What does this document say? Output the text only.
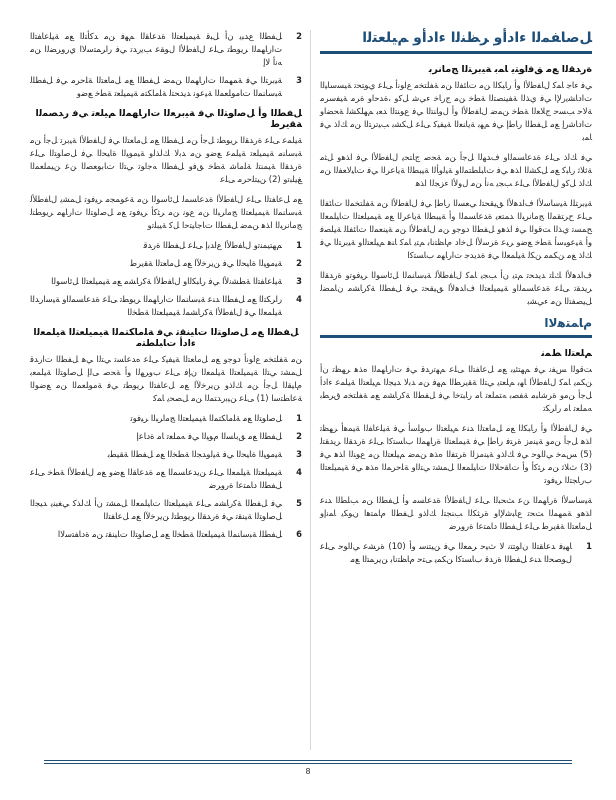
ﻞﺻﺎﻔﻤﻟﺍ ءﺍﺩﺃﻭ ﺮﻈﻨﻟﺍ ءﺍﺩﺃﻭ ﻢﻴﻠﻌﺘﻟﺍ
ﺓﺭﺪﻘﻟﺍ ﻊﻣ ﻖﻓﺍﻮﺘﻳ ﺎﻤﺑ ﺔﻴﺑﺮﺘﻟﺍ ﺞﻣﺎﻧﺮﺑ

ﻲﻓ ﺀﺎﺟ ﺎﻤﻛ ﻝﺎﻔﻃﻷﺍ ﻭﺃ ﺭﺎﺒﻜﻟﺍ ﻦﻣ ﺕﺎﺌﻔﻟﺍ ﻦﻣ ﺔﻔﻠﺘﺨﻣ ﻉﺍﻮﻧﺃ ﻰﻠﻋ ﻱﻮﺘﺤﺗ ﺔﻴﺴﺳﺎﻴﻟﺍ ﺕﺍﺩﺎﺸﻳﺭﻹﺍ ﻲﻓ ﻱﺬﻟﺍ ﺔﻔﻴﻨﺼﺘﻟﺍ ﺔﻄﺧ ﻦﻣ ﺝﺭﺎﺧ ﺀﻲﺷ ﻞﻛﻭ ،ﺓﺪﺣﺍﻭ ﺓﺮﻣ ﺔﻴﻔﺳﺮﻣ ﺔﻟﺎﺣ ﺐﺴﺣ ﺝﻼﻌﻟﺍ ﺔﻄﺧ ﻦﻤﺿ ﻝﺎﻔﻃﻷﺍ ﻭﺃ ﻝﻭﺎﻨﺘﻟﺍ ﻲﻓ ﻉﻮﻨﺘﻟﺍ ﺪﻌﺑ ﻢﻬﻠﻜﺸﻟ ﺔﺤﻀﺍﻭ ﺕﺍﺩﺎﺷﺭﺇ ﻊﻣ ﻞﻔﻄﻟﺍ ﺭﺎﻃﺇ ﻲﻓ ﻢﻬﺑ ﺔﻳﺎﻨﻌﻟﺍ ﺔﻴﻔﻴﻛ ﻰﻠﻋ ﻞﻜﺸﺑ ﺐﻴﺗﺮﺘﻟﺍ ﻦﻣ ﻚﻟﺫ ﻲﻓ ﺎﻤﺑ

ﻲﻓ ﻚﻟﺫ ﻰﻠﻋ ﺓﺪﻋﺎﺴﻤﻟﺍﻭ ﻑﺪﻬﻟﺍ ﻞﺟﺃ ﻦﻣ ﺔﺤﺻ ﺝﺎﺘﺤﻳ ﻝﺎﻔﻃﻷﺍ ﻲﻓ ﺍﺬﻫﻭ ﻞﺜﻣ ﺔﺛﻼﺛ ﺭﺎﺒﻛ ﻊﻣ ﻞﻜﺸﻟﺍ ﺍﺬﻫ ﻲﻓ ﺕﺎﺒﻠﻄﺘﻤﻟﺍﻭ ﺔﻴﻟﻭﺄﻟﺍ ﺔﻴﺒﻄﻟﺍ ﺔﻳﺎﻋﺮﻟﺍ ﻲﻓ ﺕﺎﻴﻟﺎﻌﻔﻟﺍ ﻦﻣ ﻚﻟﺫ ﻞﻛﻭ ﻝﺎﻔﻃﻷﺍ ﻰﻠﻋ ﺐﺠﻳ ﻪﻧﺃ ﻦﻣ ﻝﻭﻷﺍ ﺀﺰﺠﻟﺍ ﺍﺬﻫ

ﺔﻴﺑﺮﺘﻠﻟ ﺔﻴﺳﺎﺳﻷﺍ ﻑﺍﺪﻫﻷﺍ ﻖﻴﻘﺤﺘﻟ ﻲﻌﺴﻟﺍ ﺭﺎﻃﺇ ﻲﻓ ﻝﺎﻔﻃﻷﺍ ﻦﻣ ﺔﻔﻠﺘﺨﻤﻟﺍ ﺕﺎﺌﻔﻟﺍ ﻰﻠﻋ ﺡﺮﺘﻘﻤﻟﺍ ﺞﻣﺎﻧﺮﺒﻟﺍ ﺪﻤﺘﻌﻳ ﺓﺪﻋﺎﺴﻤﻟﺍ ﻭﺃ ﺔﻴﺒﻄﻟﺍ ﺔﻳﺎﻋﺮﻟﺍ ﻊﻣ ﺔﻴﻤﻴﻠﻌﺘﻟﺍ ﺕﺎﻴﻠﻤﻌﻟﺍ ﺢﻤﺴﺗ ﻱﺬﻟﺍ ﺖﻗﻮﻟﺍ ﻲﻓ ﺍﺬﻫﻭ ﻞﻔﻄﻟﺍ ﺩﻮﺟﻭ ﻦﻣ ﻝﺎﻔﻃﻷﺍ ﻦﻣ ﺔﻴﻨﻌﻤﻟﺍ ﺕﺎﺌﻔﻠﻟ ﺔﻴﻠﺼﻓ ﻭﺃ ﺔﻴﻋﻮﺒﺳﺃ ﺔﻄﺧ ﻊﺿﻭ ﺮﺒﻋ ﺓﺮﺳﻷﺍ ﻞﺧﺍﺩ ﻡﺎﻈﺘﻧﺎﺑ ﻢﺘﻳ ﺎﻤﻛ ﺎﻨﻫ ﻢﻴﻠﻌﺘﻟﺍﻭ ﺔﻴﺑﺮﺘﻟﺍ ﻲﻓ ﻚﻟﺫ ﻊﻣ ﻦﻜﻤﻣ ﻦﻜﻟ ﺔﻴﻠﻤﻌﻟﺍ ﻲﻓ ﺓﺪﻳﺪﺟ ﺕﺍﺭﺎﻬﻣ ﺏﺎﺴﺘﻛﺍ

ﻑﺍﺪﻫﻷﺍ ﻚﻠﺗ ﺪﻳﺪﺤﺗ ﻢﺘﻳ ﻥﺃ ﺐﺠﻳ ﺎﻤﻛ ﻝﺎﻔﻃﻸﻟ ﺔﺒﺳﺎﻨﻤﻟﺍ ﻞﺋﺎﺳﻮﻟﺍ ﺮﻴﻓﻮﺗﻭ ﺓﺭﺪﻘﻟﺍ ﺮﻳﺪﻘﺗ ﻰﻠﻋ ﺓﺪﻋﺎﺴﻤﻟﺍﻭ ﺔﻴﻤﻴﻠﻌﺘﻟﺍ ﻑﺍﺪﻫﻷﺍ ﻖﻴﻘﺤﺗ ﻲﻓ ﻞﻔﻄﻟﺍ ﺔﻛﺭﺎﺸﻣ ﻥﺎﻤﻀﻟ ﻞﻴﺼﻔﺘﻟﺍ ﻦﻣ ﺀﻲﺸﺑ

ﻡﺎﻤﺘﻫﻻﺍ
ﻢﻠﻌﺘﻟﺍ ﻂﻤﻧ

ﺖﻗﻮﻟﺍ ﺲﻔﻧ ﻲﻓ ﻢﻬﺘﺌﻴﺑ ﻊﻣ ﻞﻋﺎﻔﺘﻟﺍ ﻰﻠﻋ ﻢﻬﺗﺭﺪﻗ ﻲﻓ ﺕﺍﺭﺎﻬﻤﻟﺍ ﻩﺬﻫ ﺮﻬﻈﺗ ﻥﺃ ﻦﻜﻤﻳ ﺎﻤﻛ ﻝﺎﻔﻃﻷﺍ ﺎﻬﺑ ﻢﻠﻌﺘﻳ ﻲﺘﻟﺍ ﺔﻘﻳﺮﻄﻟﺍ ﻢﻬﻓ ﻦﻣ ﺪﺑﻻ ﺪﻴﺠﻟﺍ ﻢﻴﻠﻌﺘﻟﺍ ﺔﻴﻠﻤﻋ ﺀﺍﺩﺃ ﻞﺟﺃ ﻦﻣﻭ ﺓﺮﺷﺎﺒﻣ ﺔﻔﺼﺑ ﻪﺘﻤﻠﻌﺗ ﺎﻣ ﺭﺎﺒﺘﺧﺍ ﻲﻓ ﻞﻔﻄﻟﺍ ﺔﻛﺭﺎﺸﻣ ﻊﻣ ﺔﻔﻠﺘﺨﻣ ﻕﺮﻄﺑ ﻪﻤﻠﻌﺗ ﺎﻣ ﺭﺍﺮﻜﺗ

ﻲﻓ ﻝﺎﻔﻃﻷﺍ ﻭﺃ ﺭﺎﺒﻜﻟﺍ ﻊﻣ ﻞﻣﺎﻌﺘﻟﺍ ﺪﻨﻋ ﻢﻴﻠﻌﺘﻟﺍ ﺏﻮﻠﺳﺃ ﻲﻓ ﺔﻴﻠﻋﺎﻔﻟﺍ ﺔﻴﻤﻫﺃ ﺮﻬﻈﺗ ﺍﺬﻫ ﻞﺟﺃ ﻦﻣﻭ ﺔﻴﻨﻣﺯ ﺓﺮﺘﻓ ﺭﺎﻃﺇ ﻲﻓ ﺔﻴﻤﻠﻌﺘﻟﺍ ﺓﺭﺎﻬﻤﻟﺍ ﺏﺎﺴﺘﻛﺍ ﻰﻠﻋ ﺓﺭﺪﻘﻟﺍ ﺮﻳﺪﻘﺘﻟ (5) ﺲﻤﺧ ﻲﻟﺍﻮﺣ ﻲﻓ ﻚﻟﺫﻭ ﺔﻴﻨﻣﺰﻟﺍ ﺓﺮﺘﻔﻟﺍ ﻩﺬﻫ ﻦﻤﺿ ﻢﻴﻠﻌﺘﻟﺍ ﻦﻣ ﻉﻮﻨﻟﺍ ﺍﺬﻫ ﻲﻓ (3) ﺙﻼﺛ ﻦﻣ ﺮﺜﻛﺃ ﻭﺃ ﺕﺎﻘﺣﻼﻟﺍ ﺕﺎﻴﻠﻤﻌﻟﺍ ﻞﻤﺸﺗ ﻲﺘﻟﺍﻭ ﺔﻠﺣﺮﻤﻟﺍ ﻩﺬﻫ ﻲﻓ ﺔﻴﻤﻴﻠﻌﺘﻟﺍ ﺏﺭﺎﺠﺘﻟﺍ ﺮﻴﻓﻮﺗ

ﺔﻴﺳﺎﺳﻷﺍ ﺓﺭﺎﻬﻤﻟﺍ ﻦﻋ ﺚﺤﺒﻟﺍ ﻰﻠﻋ ﻝﺎﻔﻃﻷﺍ ﺓﺪﻋﺎﺴﻣ ﻭﺃ ﻞﻔﻄﻟﺍ ﻦﻣ ﺐﻠﻄﻟﺍ ﺪﻨﻋ ﺍﺬﻫﻭ ﺔﻤﻬﻤﻟﺍ ﺖﺤﺗ ﻉﺎﺒﺷﻹﺍﻭ ﺓﺮﺜﻜﻟﺍ ﺐﻨﺠﺘﻟ ﻚﻟﺫﻭ ﻞﻔﻄﻟﺍ ﻡﺎﻤﺘﻫﺍ ﻥﻮﻜﻳ ﺎﻤﻧﺇﻭ ﻞﻣﺎﻌﺘﻟﺍ ﺔﻘﻳﺮﻃ ﻰﻠﻋ ﻞﻔﻄﻟﺍ ﺩﺎﻤﺘﻋﺍ ﺓﺭﻭﺮﺿ

1
ﺎﻬﻴﻓ ﺪﻋﺎﻘﺘﻟﺍ ﻥﺍﻮﺘﺘﻧ ﻻ ﺙﻴﺣ ﺮﻤﻌﻟﺍ ﻲﻓ ﻦﻴﺘﻨﺳ ﻭﺃ (10) ﺓﺮﺸﻋ ﻲﻟﺍﻮﺣ ﻰﻠﻋ ﻝﻮﺼﺤﻟﺍ ﺪﻨﻋ ﻞﻔﻄﻟﺍ ﺓﺭﺪﻗ ﺏﺎﺴﺘﻛﺍ ﻦﻜﻤﻳ ﻰﺘﺣ ﻡﺎﻈﺘﻧﺎﺑ ﻦﻳﺮﻤﺘﻟﺍ ﻊﻣ
2
ﻞﻔﻄﻟﺍ ﻉﺪﺒﻳ ﻥﺃ ﻞﺒﻗ ﺔﻴﻤﻴﻠﻌﺘﻟﺍ ﺓﺪﻋﺎﻘﻟﺍ ﻢﻬﻓ ﻦﻣ ﺪﻛﺄﺘﻟﺍ ﻊﻣ ﺔﻴﻠﻋﺎﻔﺘﻟﺍ ﺕﺍﺭﺎﻬﻤﻟﺍ ﺮﻳﻮﻄﺗ ﻰﻠﻋ ﻝﺎﻔﻃﻷﺍ ﻝﻮﻘﻋ ﺐﻳﺭﺪﺗ ﻲﻓ ﺭﺍﺮﻤﺘﺳﻻﺍ ﻱﺭﻭﺮﻀﻟﺍ ﻦﻣ ﻪﻧﺃ ﻻﺇ
3
ﺔﻴﺑﺮﺘﻟﺍ ﻲﻓ ﺔﻤﻬﻤﻟﺍ ﺕﺍﺭﺎﻬﻤﻟﺍ ﻦﻤﺿ ﻞﻔﻄﻟﺍ ﻊﻣ ﻞﻣﺎﻌﺘﻟﺍ ﺔﻠﺣﺮﻣ ﻲﻓ ﻞﻔﻄﻠﻟ ﺔﺒﺳﺎﻨﻤﻟﺍ ﺕﺎﻣﻮﻠﻌﻤﻟﺍ ﺔﻴﻋﻮﻧ ﺪﻳﺪﺤﺘﻟ ﺔﻠﻣﺎﻜﺘﻣ ﺔﻴﻤﻴﻠﻌﺗ ﺔﻄﺧ ﻊﺿﻭ
ﻞﻔﻄﻟﺍ ﻭﺃ ﻞﺻﺍﻮﺘﻟﺍ ﻲﻓ ﺔﻴﺑﺮﻌﻟﺍ ﺕﺍﺭﺎﻬﻤﻟﺍ ﻢﻴﻠﻌﺗ ﻲﻓ ﺭﺪﺼﻤﻟﺍ ﺔﻘﻳﺮﻃ

ﺔﻴﻠﻤﻋ ﻰﻠﻋ ﺓﺭﺪﻘﻟﺍ ﺮﻳﻮﻄﺗ ﻞﺟﺃ ﻦﻣ ﻞﻔﻄﻟﺍ ﻊﻣ ﻞﻣﺎﻌﺘﻟﺍ ﻲﻓ ﻝﺎﻔﻃﻷﺍ ﺔﻴﺑﺮﺗ ﻞﺟﺃ ﻦﻣ ﺔﺒﺳﺎﻨﻣ ﺔﻴﻤﻴﻠﻌﺗ ﺔﻴﻠﻤﻋ ﻊﺿﻭ ﻦﻣ ﺪﺑﻻ ﻚﻟﺬﻟﻭ ﺔﻴﻣﻮﻴﻟﺍ ﺓﺎﻴﺤﻟﺍ ﻲﻓ ﻞﺻﺍﻮﺘﻟﺍ ﻰﻠﻋ ﺓﺭﺪﻘﻟﺍ ﺔﻴﻤﻨﺘﻟ ﺔﻠﻣﺎﺷ ﺔﻄﺧ ﻖﻓﻭ ﻞﻔﻄﻟﺍ ﻪﺟﺍﻮﺗ ﻲﺘﻟﺍ ﺕﺎﺑﻮﻌﺼﻟﺍ ﻦﻋ ﻦﻴﻤﻠﻌﻤﻟﺍ ﻎﻴﻠﺒﺗﻭ (2) ﻦﻴﺘﻠﺣﺮﻣ ﻰﻠﻋ

ﻊﻣ ﻞﻋﺎﻔﺘﻟﺍ ﻰﻠﻋ ﻝﺎﻔﻃﻷﺍ ﺓﺪﻋﺎﺴﻤﻟ ﻞﺋﺎﺳﻮﻟﺍ ﻦﻣ ﺔﻋﻮﻤﺠﻣ ﺮﻴﻓﻮﺗ ﻞﻤﺸﻳ ﻝﺎﻔﻃﻸﻟ ﺔﺒﺳﺎﻨﻤﻟﺍ ﺔﻴﻤﻴﻠﻌﺘﻟﺍ ﺞﻣﺍﺮﺒﻟﺍ ﻦﻣ ﻉﻮﻧ ﻦﻣ ﺮﺜﻛﺃ ﺮﻴﻓﻮﺗ ﻊﻣ ﻞﺻﺍﻮﺘﻟﺍ ﺕﺍﺭﺎﻬﻣ ﺮﻳﻮﻄﺘﻟ ﺞﻣﺎﻧﺮﺒﻟﺍ ﺍﺬﻫ ﻦﻤﺿ ﻞﻔﻄﻟﺍ ﺕﺎﺟﺎﻴﺘﺣﺍ ﻞﻛ ﺔﻴﺒﻠﺗﻭ

1
ﻢﻬﺘﻴﻤﻨﺗﻭ ﻝﺎﻔﻃﻷﺍ ﻉﺍﺪﺑﺇ ﻰﻠﻋ ﻞﻔﻄﻟﺍ ﺓﺭﺪﻗ
2
ﺔﻴﻣﻮﻴﻟﺍ ﺓﺎﻴﺤﻟﺍ ﻲﻓ ﻦﻳﺮﺧﻵﺍ ﻊﻣ ﻞﻣﺎﻌﺘﻟﺍ ﺔﻘﻳﺮﻃ
3
ﺔﻴﻠﻋﺎﻔﺘﻟﺍ ﺔﻄﺸﻧﻷﺍ ﻲﻓ ﺭﺎﺒﻜﻟﺍﻭ ﻝﺎﻔﻃﻷﺍ ﺔﻛﺭﺎﺸﻣ ﻊﻣ ﺔﻴﻤﻴﻠﻌﺘﻟﺍ ﻞﺋﺎﺳﻮﻟﺍ
4
ﺭﺍﺮﻜﺘﻟﺍ ﻊﻣ ﻞﻔﻄﻟﺍ ﺪﻨﻋ ﺔﺒﺳﺎﻨﻤﻟﺍ ﺕﺍﺭﺎﻬﻤﻟﺍ ﺮﻳﻮﻄﺗ ﻰﻠﻋ ﺓﺪﻋﺎﺴﻤﻟﺍﻭ ﺔﻴﺳﺍﺭﺪﻟﺍ ﺔﻴﻠﻤﻌﻟﺍ ﻲﻓ ﻝﺎﻔﻃﻷﺍ ﺔﻛﺭﺎﺸﻤﻟ ﺔﻴﻤﻴﻠﻌﺘﻟﺍ ﺔﻄﺨﻟﺍ
ﻞﻔﻄﻟﺍ ﻊﻣ ﻞﺻﺍﻮﺘﻟﺍ ﺕﺎﻴﻨﻘﺗ ﻲﻓ ﺔﻠﻣﺎﻜﺘﻤﻟﺍ ﺔﻴﻤﻴﻠﻌﺘﻟﺍ ﺔﻴﻠﻤﻌﻟﺍ ﺀﺍﺩﺃ ﺕﺎﺒﻠﻄﺘﻣ

ﻦﻣ ﺔﻔﻠﺘﺨﻣ ﻉﺍﻮﻧﺃ ﺩﻮﺟﻭ ﻊﻣ ﻞﻣﺎﻌﺘﻟﺍ ﺔﻴﻔﻴﻛ ﻰﻠﻋ ﻩﺪﻋﺎﺴﺗ ﻲﺘﻟﺍ ﻲﻫ ﻞﻔﻄﻟﺍ ﺕﺍﺭﺪﻗ ﻞﻤﺸﺗ ﻲﺘﻟﺍ ﺔﻴﻤﻴﻠﻌﺘﻟﺍ ﺔﻴﻠﻤﻌﻟﺍ ﻥﺈﻓ ﻰﻠﻋ ﺏﻭﺮﻬﻟﺍ ﻭﺃ ﺔﺤﺻ ﻰﻟﺇ ﻞﺻﺍﻮﺘﻟﺍ ﺔﻴﻠﻤﻌﺑ ﻡﺎﻴﻘﻟﺍ ﻞﺟﺃ ﻦﻣ ﻚﻟﺫﻭ ﻦﻳﺮﺧﻵﺍ ﻊﻣ ﻞﻋﺎﻔﺘﻟﺍ ﺮﻳﻮﻄﺗ ﻲﻓ ﺔﻣﻮﻠﻌﻤﻟﺍ ﻦﻣ ﻊﺿﻮﻟﺍ ﺔﻋﺎﻄﺘﺳﺍ (1) ﻰﻠﻋ ﻦﻴﺑﺭﺪﺘﻤﻟﺍ ﻦﻣ ﻞﺼﺤﻳ ﺎﻤﻛ

1
ﻞﺻﺍﻮﺘﻟﺍ ﻊﻣ ﺔﻠﻣﺎﻜﺘﻤﻟﺍ ﺔﻴﻤﻴﻠﻌﺘﻟﺍ ﺞﻣﺍﺮﺒﻟﺍ ﺮﻴﻓﻮﺗ
2
ﻞﻔﻄﻟﺍ ﻊﻣ ﻖﺑﺎﺴﻟﺍ ﻡﻮﻴﻟﺍ ﻲﻓ ﻪﻤﻠﻌﺗ ﺎﻣ ﺓﺩﺎﻋﺇ
3
ﺔﻴﻣﻮﻴﻟﺍ ﺓﺎﻴﺤﻟﺍ ﻲﻓ ﺔﻴﻟﻭﺪﺠﻟﺍ ﺔﻄﺨﻟﺍ ﻊﻣ ﻞﻔﻄﻟﺍ ﺔﻘﻴﻄﺑ
4
ﺔﻴﻤﻴﻠﻌﺘﻟﺍ ﺔﻴﻠﻤﻌﻟﺍ ﻰﻠﻋ ﻦﻳﺪﻋﺎﺴﻤﻟﺍ ﻊﻣ ﺓﺪﻋﺎﻘﻟﺍ ﻊﺿﻭ ﻊﻣ ﻝﺎﻔﻃﻷﺍ ﺔﻄﺧ ﻰﻠﻋ ﻞﻔﻄﻟﺍ ﺩﺎﻤﺘﻋﺍ ﺓﺭﻭﺮﺿ
5
ﻲﻓ ﻞﻔﻄﻟﺍ ﺔﻛﺭﺎﺸﻣ ﻰﻠﻋ ﺔﻴﻤﻴﻠﻌﺘﻟﺍ ﺕﺎﻴﻠﻤﻌﻟﺍ ﻞﻤﺸﺗ ﻥﺃ ﻚﻟﺬﻛ ﻲﻐﺒﻨﻳ ﺪﻴﺠﻟﺍ ﻞﺻﺍﻮﺘﻟﺍ ﺔﻴﻨﻘﺗ ﻲﻓ ﺓﺭﺪﻘﻟﺍ ﺮﻳﻮﻄﺘﻟ ﻦﻳﺮﺧﻵﺍ ﻊﻣ ﻞﻋﺎﻔﺘﻟﺍ
6
ﻞﻔﻄﻠﻟ ﺔﺒﺳﺎﻨﻤﻟﺍ ﺔﻴﻤﻴﻠﻌﺘﻟﺍ ﺔﻄﺨﻟﺍ ﻊﻣ ﻞﺻﺍﻮﺘﻟﺍ ﺕﺎﻴﻨﻘﺗ ﻦﻣ ﺓﺩﺎﻔﺘﺳﻻﺍ
8
